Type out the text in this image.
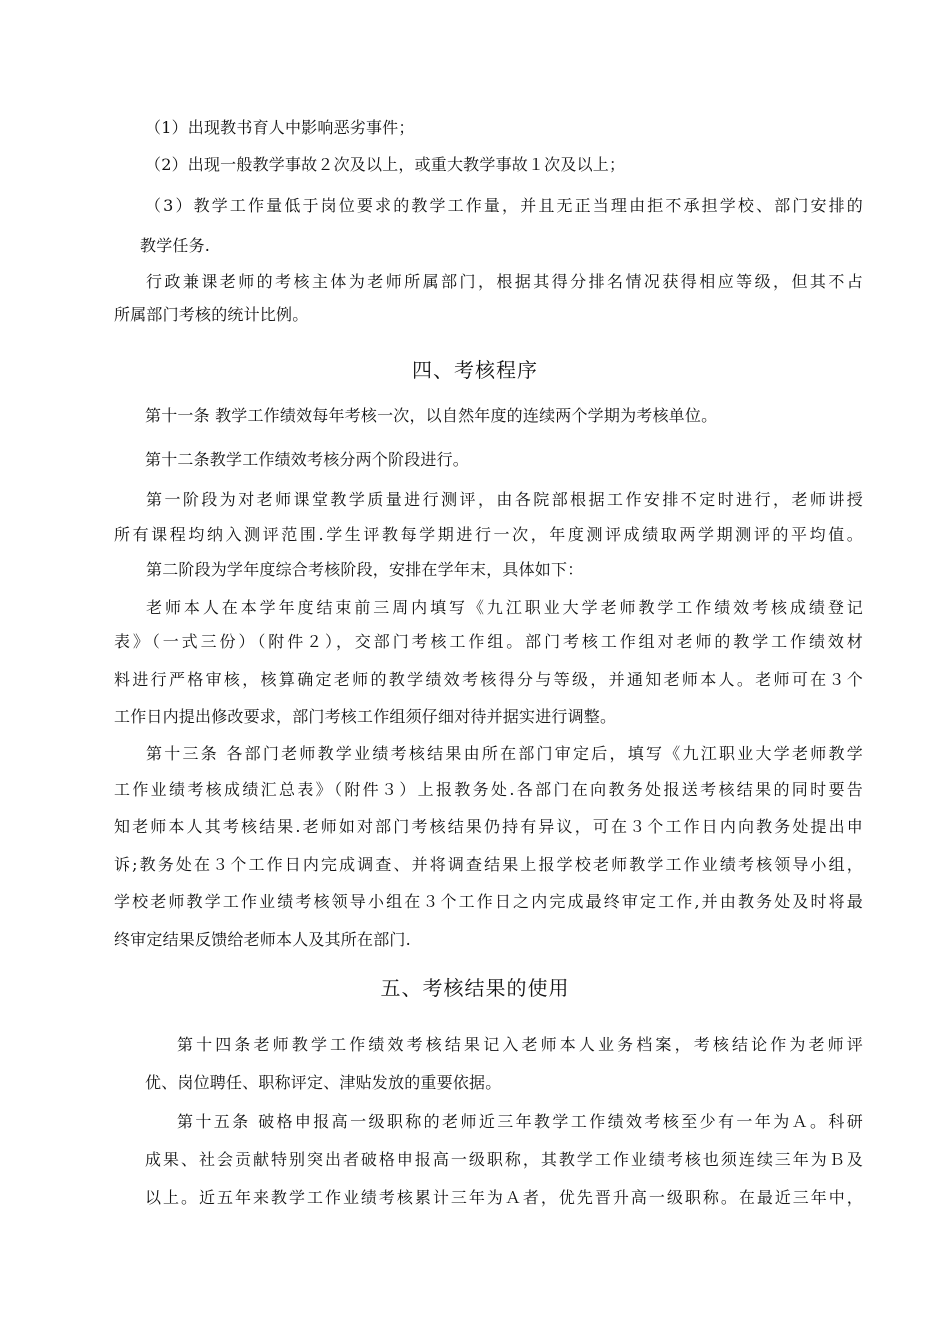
（1）出现教书育人中影响恶劣事件；
（2）出现一般教学事故２次及以上，或重大教学事故１次及以上；
（3）教学工作量低于岗位要求的教学工作量，并且无正当理由拒不承担学校、部门安排的
教学任务.
行政兼课老师的考核主体为老师所属部门，根据其得分排名情况获得相应等级，但其不占
所属部门考核的统计比例。
四、考核程序
第十一条 教学工作绩效每年考核一次，以自然年度的连续两个学期为考核单位。
第十二条教学工作绩效考核分两个阶段进行。
第一阶段为对老师课堂教学质量进行测评，由各院部根据工作安排不定时进行，老师讲授
所有课程均纳入测评范围.学生评教每学期进行一次，年度测评成绩取两学期测评的平均值。
第二阶段为学年度综合考核阶段，安排在学年末，具体如下：
老师本人在本学年度结束前三周内填写《九江职业大学老师教学工作绩效考核成绩登记
表》（一式三份）（附件２），交部门考核工作组。部门考核工作组对老师的教学工作绩效材
料进行严格审核，核算确定老师的教学绩效考核得分与等级，并通知老师本人。老师可在３个
工作日内提出修改要求，部门考核工作组须仔细对待并据实进行调整。
第十三条 各部门老师教学业绩考核结果由所在部门审定后，填写《九江职业大学老师教学
工作业绩考核成绩汇总表》（附件３）上报教务处.各部门在向教务处报送考核结果的同时要告
知老师本人其考核结果.老师如对部门考核结果仍持有异议，可在３个工作日内向教务处提出申
诉;教务处在３个工作日内完成调查、并将调查结果上报学校老师教学工作业绩考核领导小组，
学校老师教学工作业绩考核领导小组在３个工作日之内完成最终审定工作,并由教务处及时将最
终审定结果反馈给老师本人及其所在部门.
五、考核结果的使用
第十四条老师教学工作绩效考核结果记入老师本人业务档案，考核结论作为老师评
优、岗位聘任、职称评定、津贴发放的重要依据。
第十五条 破格申报高一级职称的老师近三年教学工作绩效考核至少有一年为Ａ。科研
成果、社会贡献特别突出者破格申报高一级职称，其教学工作业绩考核也须连续三年为Ｂ及
以上。近五年来教学工作业绩考核累计三年为Ａ者，优先晋升高一级职称。在最近三年中，
